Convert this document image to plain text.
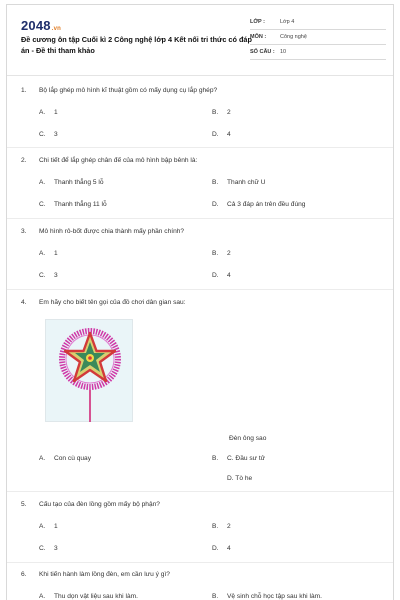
2048.vn
Đề cương ôn tập Cuối kì 2 Công nghệ lớp 4 Kết nối tri thức có đáp án - Đề thi tham khảo
LỚP :	Lớp 4
MÔN :	Công nghệ
SỐ CÂU : 10
1. Bộ lắp ghép mô hình kĩ thuật gồm có mấy dụng cụ lắp ghép?
A. 1	B. 2
C. 3	D. 4
2. Chi tiết để lắp ghép chân đế của mô hình bập bênh là:
A. Thanh thẳng 5 lỗ	B. Thanh chữ U
C. Thanh thẳng 11 lỗ	D. Cả 3 đáp án trên đều đúng
3. Mô hình rô-bốt được chia thành mấy phần chính?
A. 1	B. 2
C. 3	D. 4
4. Em hãy cho biết tên gọi của đồ chơi dân gian sau:
Đèn ông sao
A. Con cù quay	B. C. Đầu sư tử
D. Tò he
5. Cấu tạo của đèn lồng gồm mấy bộ phận?
A. 1	B. 2
C. 3	D. 4
6. Khi tiến hành làm lồng đèn, em cần lưu ý gì?
A. Thu dọn vật liệu sau khi làm.	B. Vệ sinh chỗ học tập sau khi làm.
